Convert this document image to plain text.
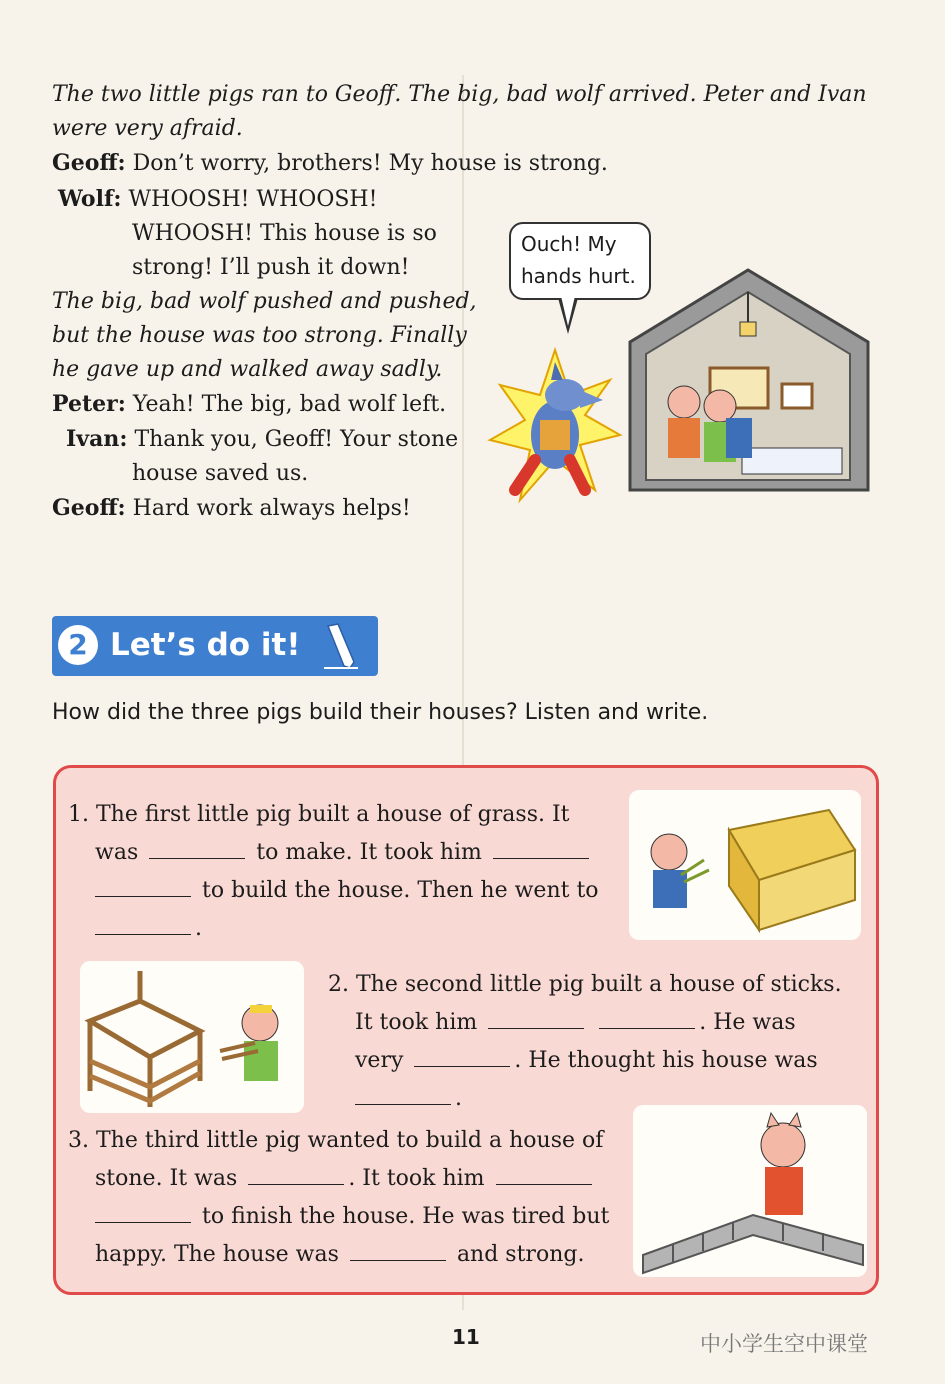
The two little pigs ran to Geoff. The big, bad wolf arrived. Peter and Ivan
were very afraid.
Geoff: Don’t worry, brothers! My house is strong.
Wolf: WHOOSH! WHOOSH!
WHOOSH! This house is so
strong! I’ll push it down!
The big, bad wolf pushed and pushed,
but the house was too strong. Finally
he gave up and walked away sadly.
Peter: Yeah! The big, bad wolf left.
Ivan: Thank you, Geoff! Your stone
house saved us.
Geoff: Hard work always helps!
Ouch! My
hands hurt.
2 Let’s do it!
How did the three pigs build their houses? Listen and write.
1. The first little pig built a house of grass. It
was	to make. It took him
to build the house. Then he went to
.
2. The second little pig built a house of sticks.
It took him	. He was
very	. He thought his house was
.
3. The third little pig wanted to build a house of
stone. It was	. It took him
to finish the house. He was tired but
happy. The house was	and strong.
11	中小学生空中课堂
